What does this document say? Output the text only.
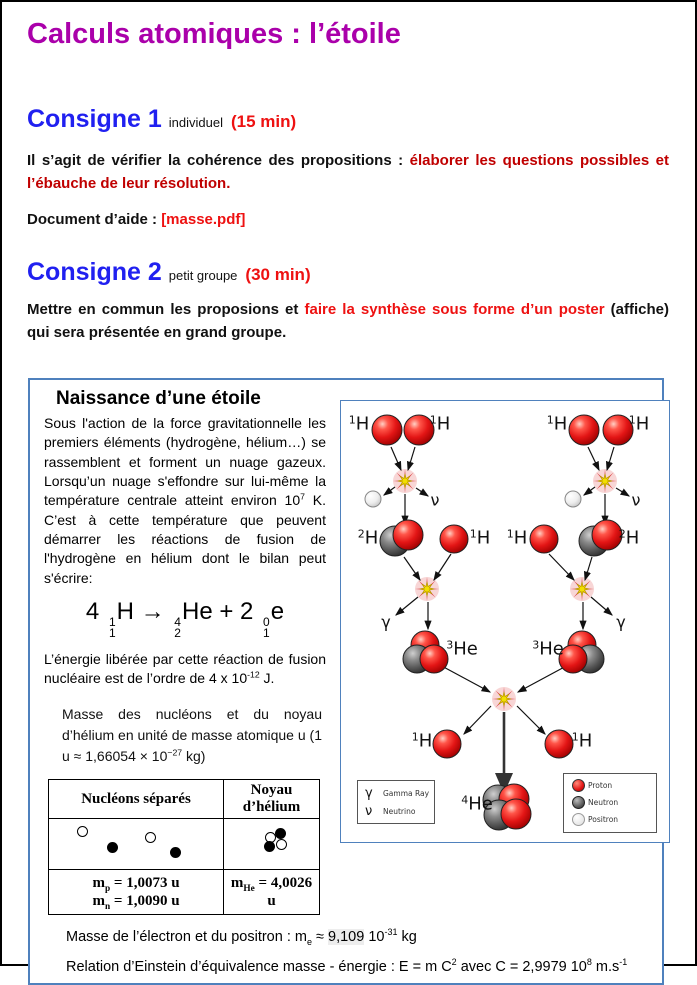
Calculs atomiques : l’étoile
Consigne 1 individuel (15 min)

Il s’agit de vérifier la cohérence des propositions : élaborer les questions possibles et l’ébauche de leur résolution.

Document d’aide : [masse.pdf]

Consigne 2 petit groupe (30 min)

Mettre en commun les proposions et faire la synthèse sous forme d’un poster (affiche) qui sera présentée en grand groupe.

Naissance d’une étoile

Sous l'action de la force gravitationnelle les premiers éléments (hydrogène, hélium…) se rassemblent et forment un nuage gazeux. Lorsqu’un nuage s'effondre sur lui-même la température centrale atteint environ $10^7$ K. C’est à cette température que peuvent démarrer les réactions de fusion de l'hydrogène en hélium dont le bilan peut s'écrire:

4 1
1
H → 4
2
He + 2 0
1
e

L’énergie libérée par cette réaction de fusion nucléaire est de l’ordre de 4 x $10^{-12}$ J.

Masse des nucléons et du noyau d’hélium en unité de masse atomique u (1 $u \approx 1,66054 \times 10^{-27}$ kg)

Nucléons séparés	Noyau d’hélium

$m_p = 1,0073$ u
$m_n = 1,0090$ u	$m_{He} = 4,0026$ u
$^1$H	$^1$H	$^1$H	$^1$H
ν	ν
$^2$H	$^1$H $^1$H	$^2$H
γ	γ
$^3$He	$^3$He
$^1$H	$^1$H
$^4$He
γ	Gamma Ray
ν	Neutrino
Proton
Neutron
Positron

Masse de l’électron et du positron : $m_e \approx 9,109$ $10^{-31}$ kg

Relation d’Einstein d’équivalence masse - énergie : E = m $C^2$ avec C = 2,9979 $10^8$ $m.s^{-1}$
